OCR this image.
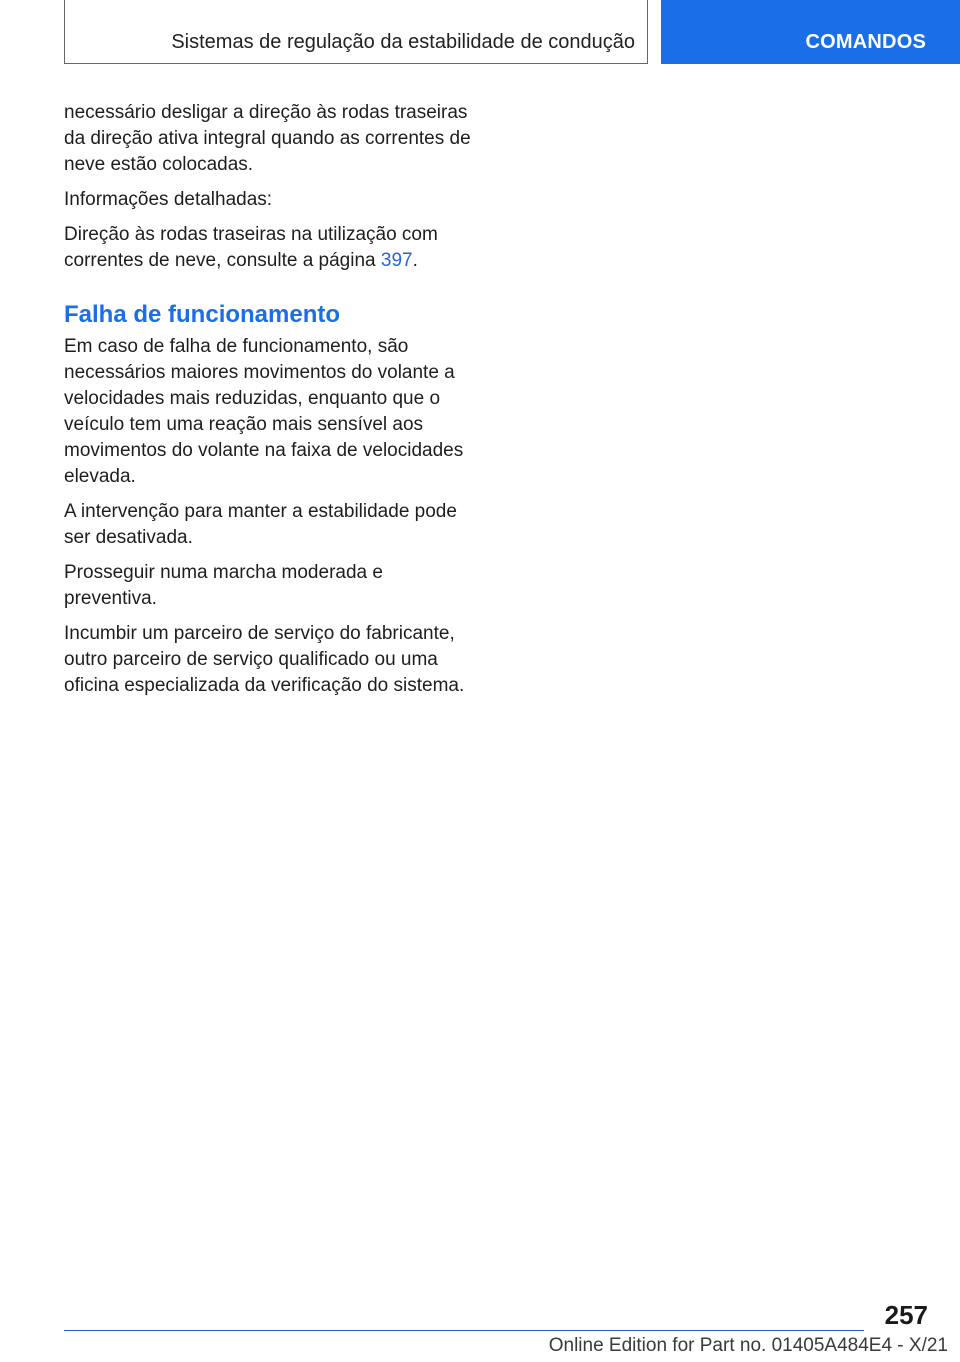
Sistemas de regulação da estabilidade de condução	COMANDOS

necessário desligar a direção às rodas traseiras da direção ativa integral quando as correntes de neve estão colocadas.

Informações detalhadas:

Direção às rodas traseiras na utilização com correntes de neve, consulte a página 397.

Falha de funcionamento

Em caso de falha de funcionamento, são necessários maiores movimentos do volante a velocidades mais reduzidas, enquanto que o veículo tem uma reação mais sensível aos movimentos do volante na faixa de velocidades elevada.

A intervenção para manter a estabilidade pode ser desativada.

Prosseguir numa marcha moderada e preventiva.

Incumbir um parceiro de serviço do fabricante, outro parceiro de serviço qualificado ou uma oficina especializada da verificação do sistema.

257
Online Edition for Part no. 01405A484E4 - X/21
